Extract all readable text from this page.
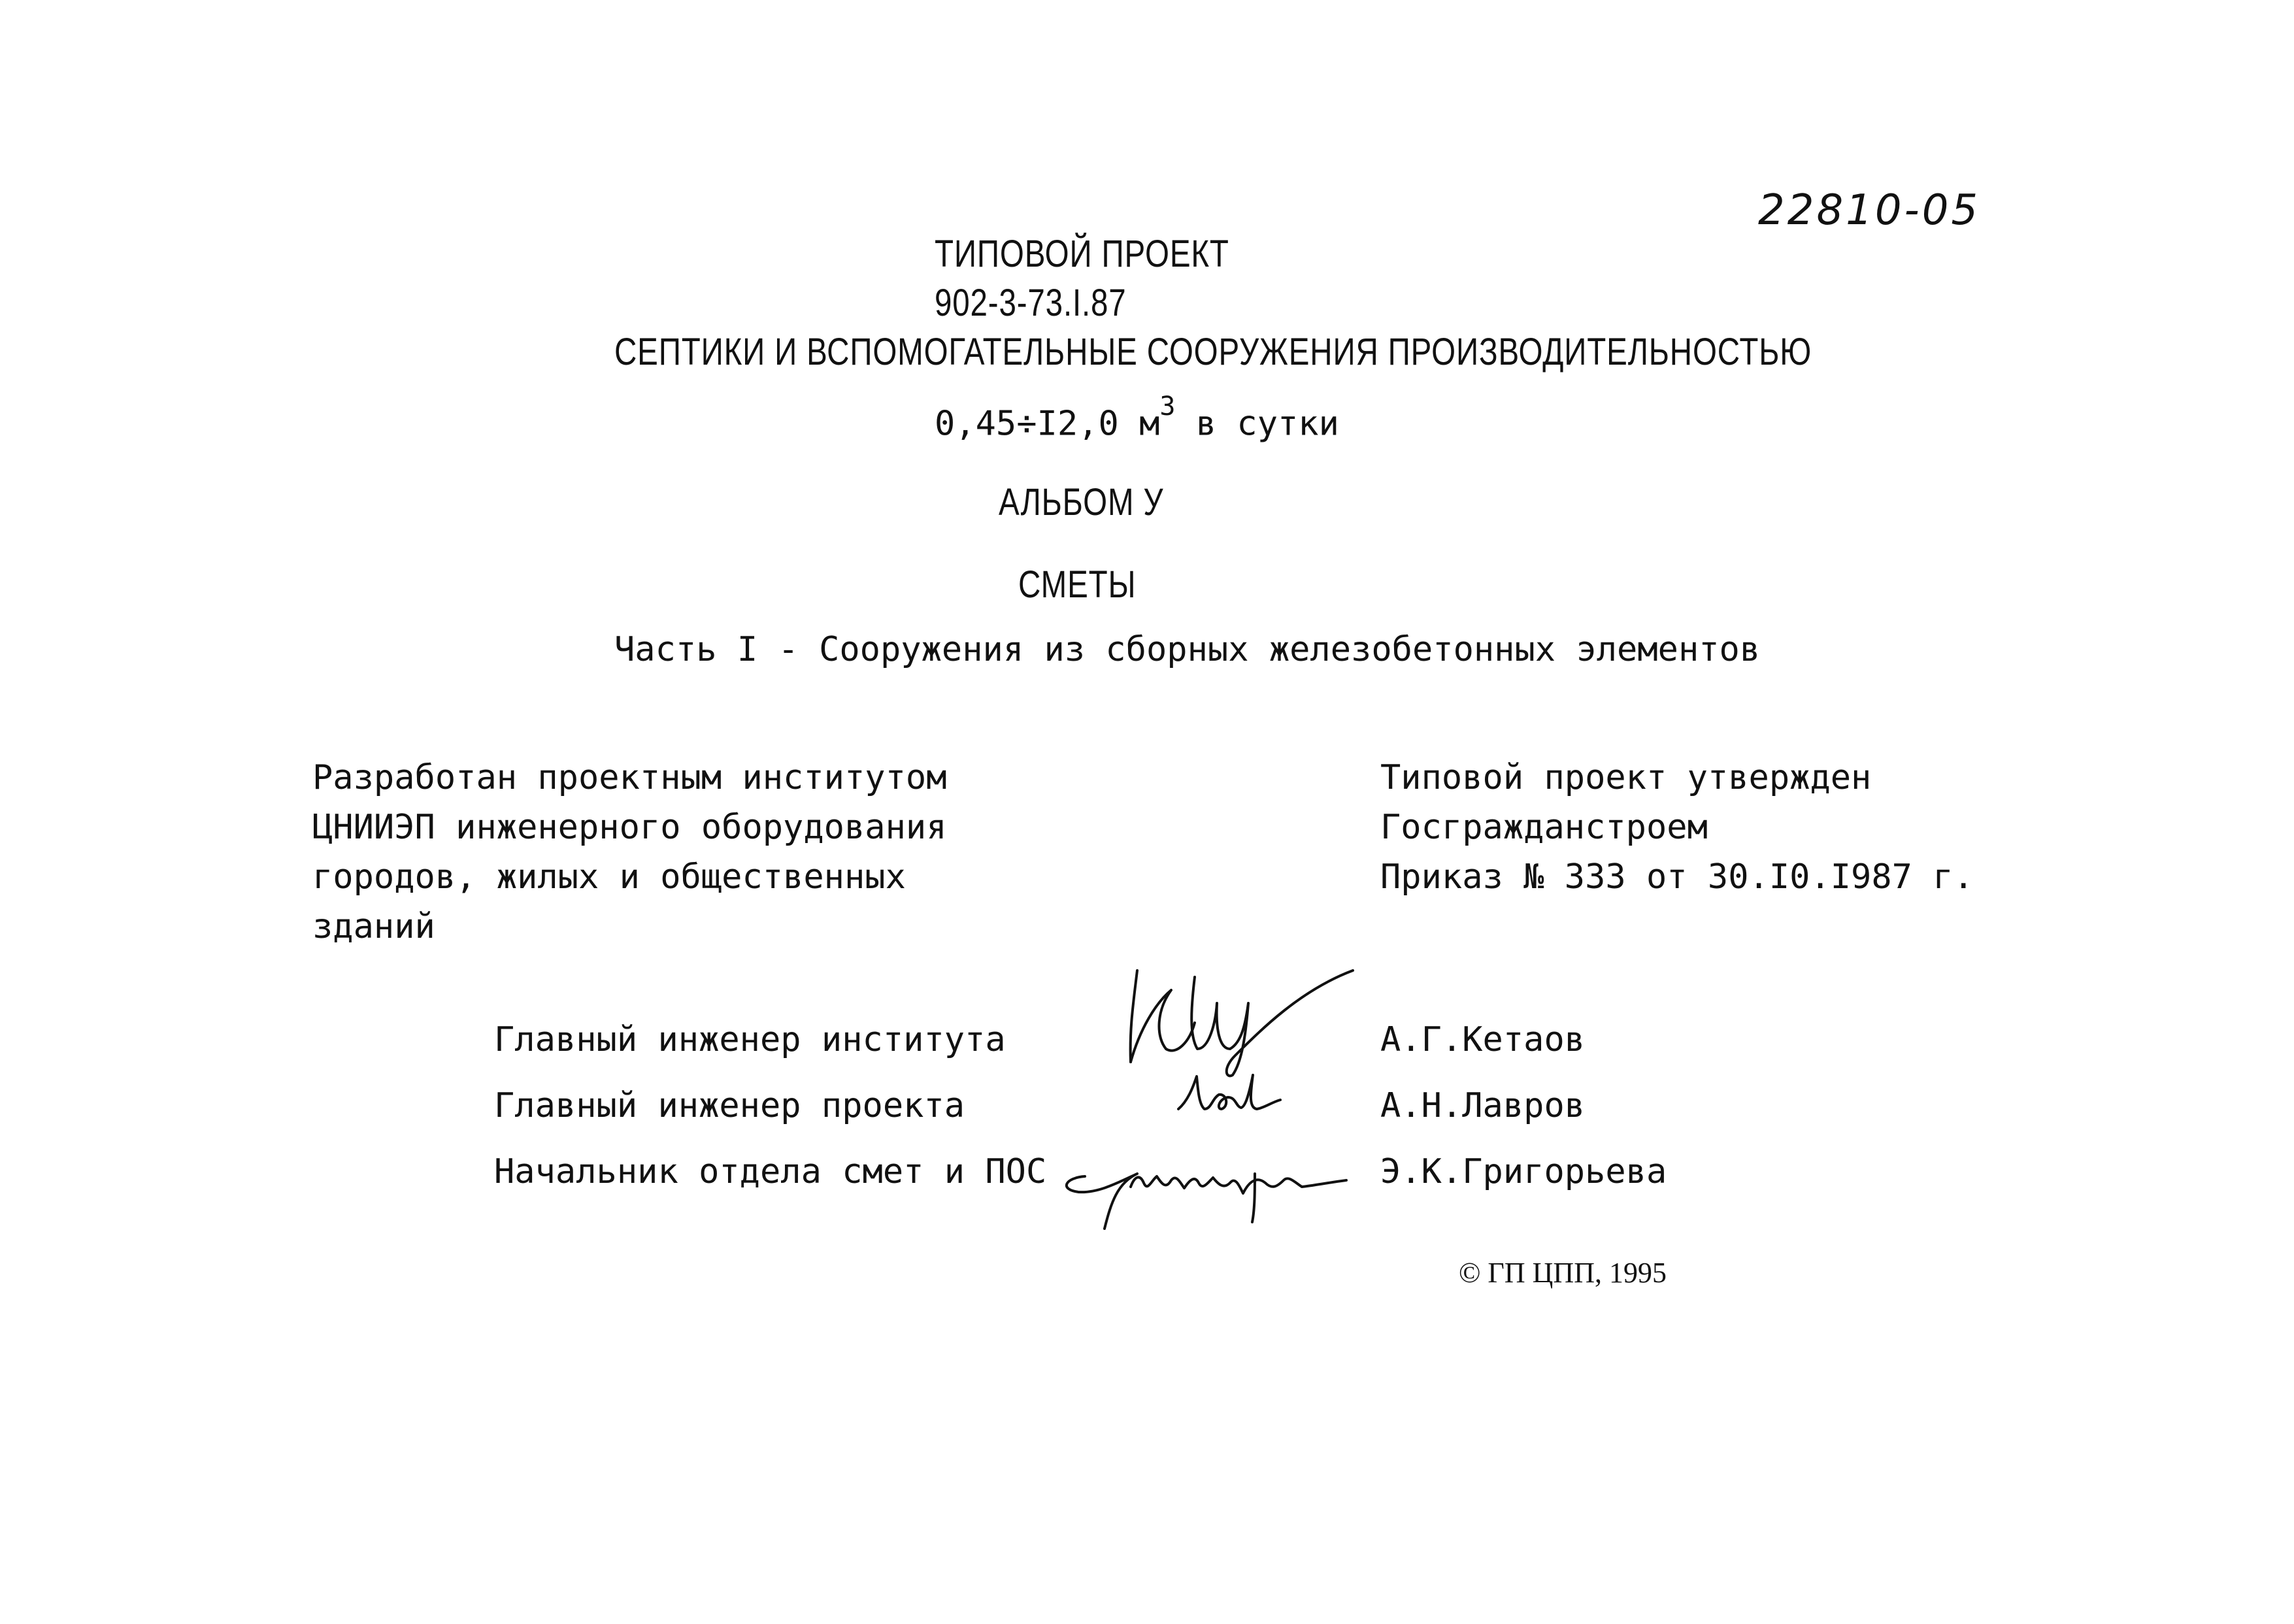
22810-05
ТИПОВОЙ ПРОЕКТ
902-3-73.I.87
СЕПТИКИ И ВСПОМОГАТЕЛЬНЫЕ СООРУЖЕНИЯ ПРОИЗВОДИТЕЛЬНОСТЬЮ
0,45÷I2,0 $м^3$ в сутки
АЛЬБОМ У
СМЕТЫ
Часть I - Сооружения из сборных железобетонных элементов
Разработан проектным институтом
ЦНИИЭП инженерного оборудования
городов, жилых и общественных
зданий
Типовой проект утвержден
Госгражданстроем
Приказ № 333 от 30.I0.I987 г.
Главный инженер института	А.Г.Кетаов
Главный инженер проекта	А.Н.Лавров
Начальник отдела смет и ПОС	Э.К.Григорьева
© ГП ЦПП, 1995
